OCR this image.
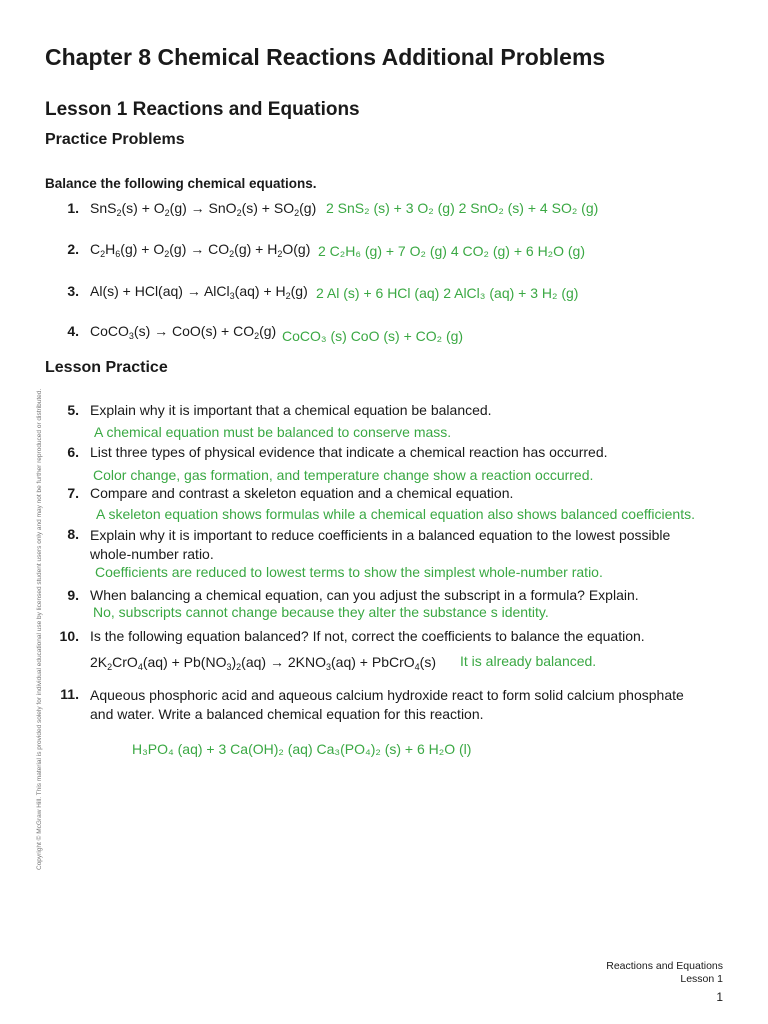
Chapter 8 Chemical Reactions Additional Problems
Lesson 1 Reactions and Equations
Practice Problems
Balance the following chemical equations.
1. $SnS_2(s) + O_2(g) \to SnO_2(s) + SO_2(g)$ 2 SnS₂ (s) + 3 O₂ (g) 2 SnO₂ (s) + 4 SO₂ (g)
2. $C_2H_6(g) + O_2(g) \to CO_2(g) + H_2O(g)$ 2 C₂H₆ (g) + 7 O₂ (g) 4 CO₂ (g) + 6 H₂O (g)
3. Al(s) + HCl(aq) → AlCl$_3$(aq) + $H_2(g)$ 2 Al (s) + 6 HCl (aq) 2 AlCl₃ (aq) + 3 H₂ (g)
4. CoCO$_3$(s) → $CoO(s) + CO_2(g)$ CoCO₃ (s) CoO (s) + CO₂ (g)
Lesson Practice
5. Explain why it is important that a chemical equation be balanced.
A chemical equation must be balanced to conserve mass.
6. List three types of physical evidence that indicate a chemical reaction has occurred.
Color change, gas formation, and temperature change show a reaction occurred.
7. Compare and contrast a skeleton equation and a chemical equation.
A skeleton equation shows formulas while a chemical equation also shows balanced coefficients.
8. Explain why it is important to reduce coefficients in a balanced equation to the lowest possible whole-number ratio.
Coefficients are reduced to lowest terms to show the simplest whole-number ratio.
9. When balancing a chemical equation, can you adjust the subscript in a formula? Explain.
No, subscripts cannot change because they alter the substance s identity.
10. Is the following equation balanced? If not, correct the coefficients to balance the equation.
$2K_2CrO_4(aq) + Pb(NO_3)_2(aq) \to 2KNO_3(aq)$ + PbCrO$_4$(s) It is already balanced.
11. Aqueous phosphoric acid and aqueous calcium hydroxide react to form solid calcium phosphate and water. Write a balanced chemical equation for this reaction.
H₃PO₄ (aq) + 3 Ca(OH)₂ (aq) Ca₃(PO₄)₂ (s) + 6 H₂O (l)
Copyright © McGraw Hill. This material is provided solely for individual educational use by licensed student users only and may not be further reproduced or distributed.
Reactions and Equations
Lesson 1
1
